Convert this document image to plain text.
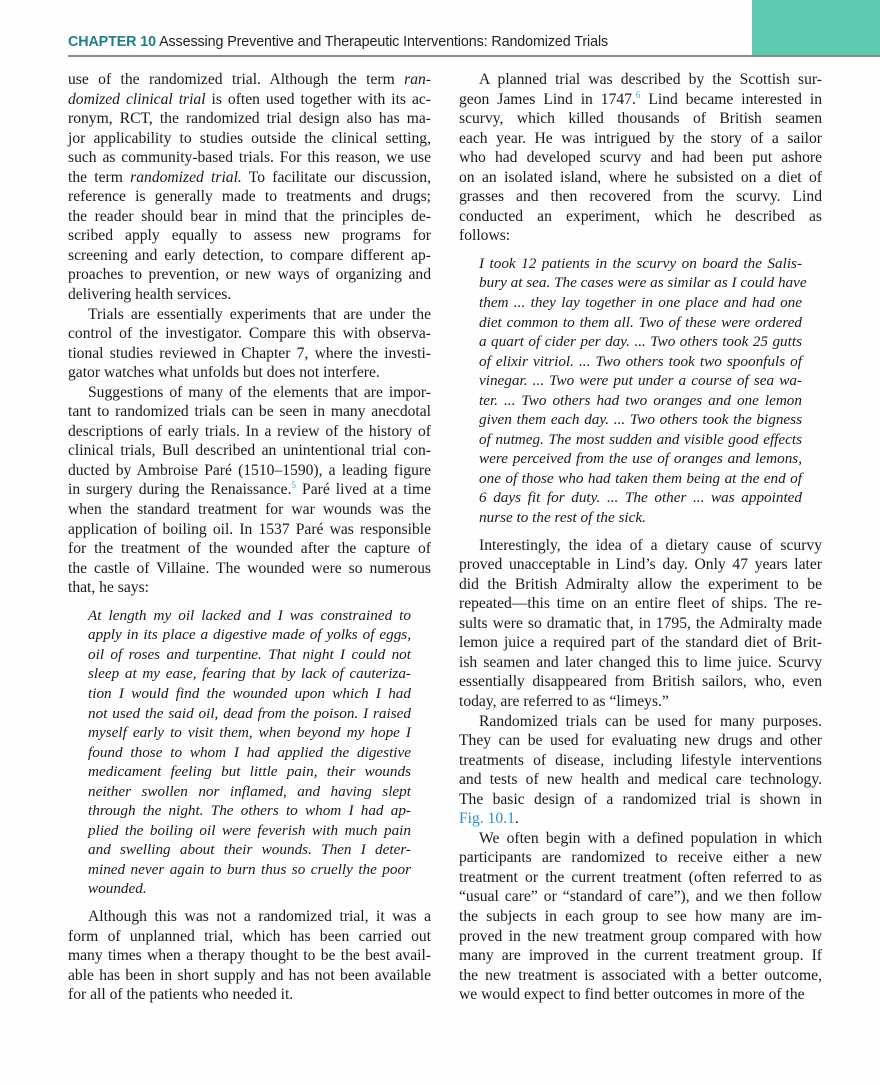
CHAPTER 10 Assessing Preventive and Therapeutic Interventions: Randomized Trials
use of the randomized trial. Although the term ran-
domized clinical trial is often used together with its ac-
ronym, RCT, the randomized trial design also has ma-
jor applicability to studies outside the clinical setting,
such as community-based trials. For this reason, we use
the term randomized trial. To facilitate our discussion,
reference is generally made to treatments and drugs;
the reader should bear in mind that the principles de-
scribed apply equally to assess new programs for
screening and early detection, to compare different ap-
proaches to prevention, or new ways of organizing and
delivering health services.
Trials are essentially experiments that are under the
control of the investigator. Compare this with observa-
tional studies reviewed in Chapter 7, where the investi-
gator watches what unfolds but does not interfere.
Suggestions of many of the elements that are impor-
tant to randomized trials can be seen in many anecdotal
descriptions of early trials. In a review of the history of
clinical trials, Bull described an unintentional trial con-
ducted by Ambroise Paré (1510–1590), a leading figure
in surgery during the Renaissance.$^5$ Paré lived at a time
when the standard treatment for war wounds was the
application of boiling oil. In 1537 Paré was responsible
for the treatment of the wounded after the capture of
the castle of Villaine. The wounded were so numerous
that, he says:
At length my oil lacked and I was constrained to
apply in its place a digestive made of yolks of eggs,
oil of roses and turpentine. That night I could not
sleep at my ease, fearing that by lack of cauteriza-
tion I would find the wounded upon which I had
not used the said oil, dead from the poison. I raised
myself early to visit them, when beyond my hope I
found those to whom I had applied the digestive
medicament feeling but little pain, their wounds
neither swollen nor inflamed, and having slept
through the night. The others to whom I had ap-
plied the boiling oil were feverish with much pain
and swelling about their wounds. Then I deter-
mined never again to burn thus so cruelly the poor
wounded.
Although this was not a randomized trial, it was a
form of unplanned trial, which has been carried out
many times when a therapy thought to be the best avail-
able has been in short supply and has not been available
for all of the patients who needed it.
A planned trial was described by the Scottish sur-
geon James Lind in 1747.$^6$ Lind became interested in
scurvy, which killed thousands of British seamen
each year. He was intrigued by the story of a sailor
who had developed scurvy and had been put ashore
on an isolated island, where he subsisted on a diet of
grasses and then recovered from the scurvy. Lind
conducted an experiment, which he described as
follows:
I took 12 patients in the scurvy on board the Salis-
bury at sea. The cases were as similar as I could have
them ... they lay together in one place and had one
diet common to them all. Two of these were ordered
a quart of cider per day. ... Two others took 25 gutts
of elixir vitriol. ... Two others took two spoonfuls of
vinegar. ... Two were put under a course of sea wa-
ter. ... Two others had two oranges and one lemon
given them each day. ... Two others took the bigness
of nutmeg. The most sudden and visible good effects
were perceived from the use of oranges and lemons,
one of those who had taken them being at the end of
6 days fit for duty. ... The other ... was appointed
nurse to the rest of the sick.
Interestingly, the idea of a dietary cause of scurvy
proved unacceptable in Lind’s day. Only 47 years later
did the British Admiralty allow the experiment to be
repeated—this time on an entire fleet of ships. The re-
sults were so dramatic that, in 1795, the Admiralty made
lemon juice a required part of the standard diet of Brit-
ish seamen and later changed this to lime juice. Scurvy
essentially disappeared from British sailors, who, even
today, are referred to as “limeys.”
Randomized trials can be used for many purposes.
They can be used for evaluating new drugs and other
treatments of disease, including lifestyle interventions
and tests of new health and medical care technology.
The basic design of a randomized trial is shown in
Fig. 10.1.
We often begin with a defined population in which
participants are randomized to receive either a new
treatment or the current treatment (often referred to as
“usual care” or “standard of care”), and we then follow
the subjects in each group to see how many are im-
proved in the new treatment group compared with how
many are improved in the current treatment group. If
the new treatment is associated with a better outcome,
we would expect to find better outcomes in more of the
